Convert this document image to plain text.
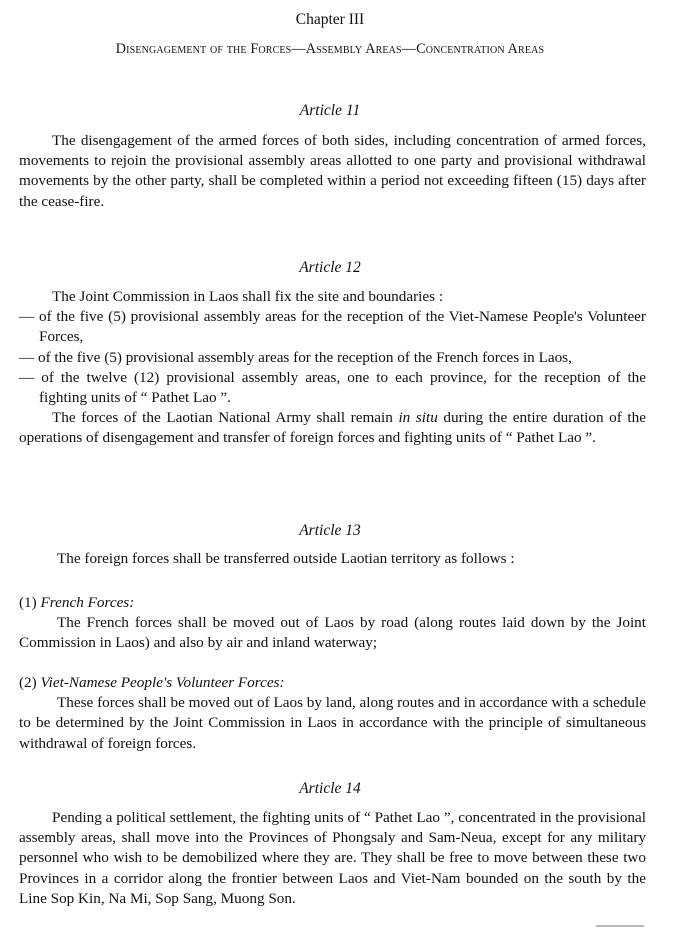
Chapter III
Disengagement of the Forces—Assembly Areas—Concentration Areas
Article 11

The disengagement of the armed forces of both sides, including concentration of armed forces, movements to rejoin the provisional assembly areas allotted to one party and provisional withdrawal movements by the other party, shall be completed within a period not exceeding fifteen (15) days after the cease-fire.

Article 12

The Joint Commission in Laos shall fix the site and boundaries :

— of the five (5) provisional assembly areas for the reception of the Viet-Namese People's Volunteer Forces,

— of the five (5) provisional assembly areas for the reception of the French forces in Laos,

— of the twelve (12) provisional assembly areas, one to each province, for the reception of the fighting units of “ Pathet Lao ”.

The forces of the Laotian National Army shall remain in situ during the entire duration of the operations of disengagement and transfer of foreign forces and fighting units of “ Pathet Lao ”.

Article 13

The foreign forces shall be transferred outside Laotian territory as follows :

(1) French Forces:

The French forces shall be moved out of Laos by road (along routes laid down by the Joint Commission in Laos) and also by air and inland waterway;

(2) Viet-Namese People's Volunteer Forces:

These forces shall be moved out of Laos by land, along routes and in accordance with a schedule to be determined by the Joint Commission in Laos in accordance with the principle of simultaneous withdrawal of foreign forces.

Article 14

Pending a political settlement, the fighting units of “ Pathet Lao ”, concentrated in the provisional assembly areas, shall move into the Provinces of Phongsaly and Sam-Neua, except for any military personnel who wish to be demobilized where they are. They shall be free to move between these two Provinces in a corridor along the frontier between Laos and Viet-Nam bounded on the south by the Line Sop Kin, Na Mi, Sop Sang, Muong Son.
